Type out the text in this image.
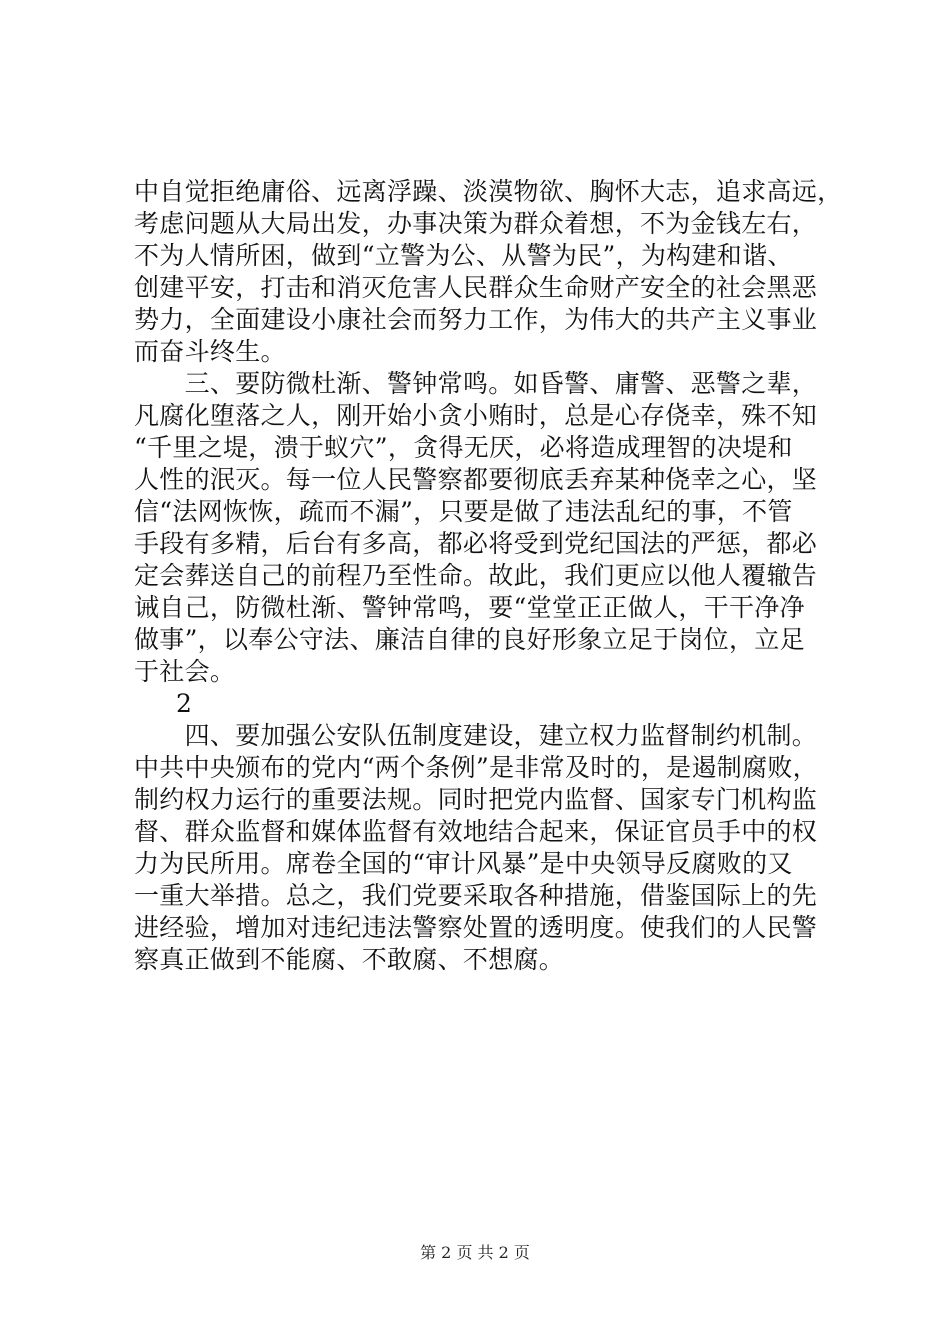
中自觉拒绝庸俗、远离浮躁、淡漠物欲、胸怀大志，追求高远，
考虑问题从大局出发，办事决策为群众着想，不为金钱左右，
不为人情所困，做到“立警为公、从警为民”，为构建和谐、
创建平安，打击和消灭危害人民群众生命财产安全的社会黑恶
势力，全面建设小康社会而努力工作，为伟大的共产主义事业
而奋斗终生。
　　三、要防微杜渐、警钟常鸣。如昏警、庸警、恶警之辈，
凡腐化堕落之人，刚开始小贪小贿时，总是心存侥幸，殊不知
“千里之堤，溃于蚁穴”，贪得无厌，必将造成理智的决堤和
人性的泯灭。每一位人民警察都要彻底丢弃某种侥幸之心，坚
信“法网恢恢，疏而不漏”，只要是做了违法乱纪的事，不管
手段有多精，后台有多高，都必将受到党纪国法的严惩，都必
定会葬送自己的前程乃至性命。故此，我们更应以他人覆辙告
诫自己，防微杜渐、警钟常鸣，要“堂堂正正做人，干干净净
做事”，以奉公守法、廉洁自律的良好形象立足于岗位，立足
于社会。
2
　　四、要加强公安队伍制度建设，建立权力监督制约机制。
中共中央颁布的党内“两个条例”是非常及时的，是遏制腐败，
制约权力运行的重要法规。同时把党内监督、国家专门机构监
督、群众监督和媒体监督有效地结合起来，保证官员手中的权
力为民所用。席卷全国的“审计风暴”是中央领导反腐败的又
一重大举措。总之，我们党要采取各种措施，借鉴国际上的先
进经验，增加对违纪违法警察处置的透明度。使我们的人民警
察真正做到不能腐、不敢腐、不想腐。
第 2 页 共 2 页
